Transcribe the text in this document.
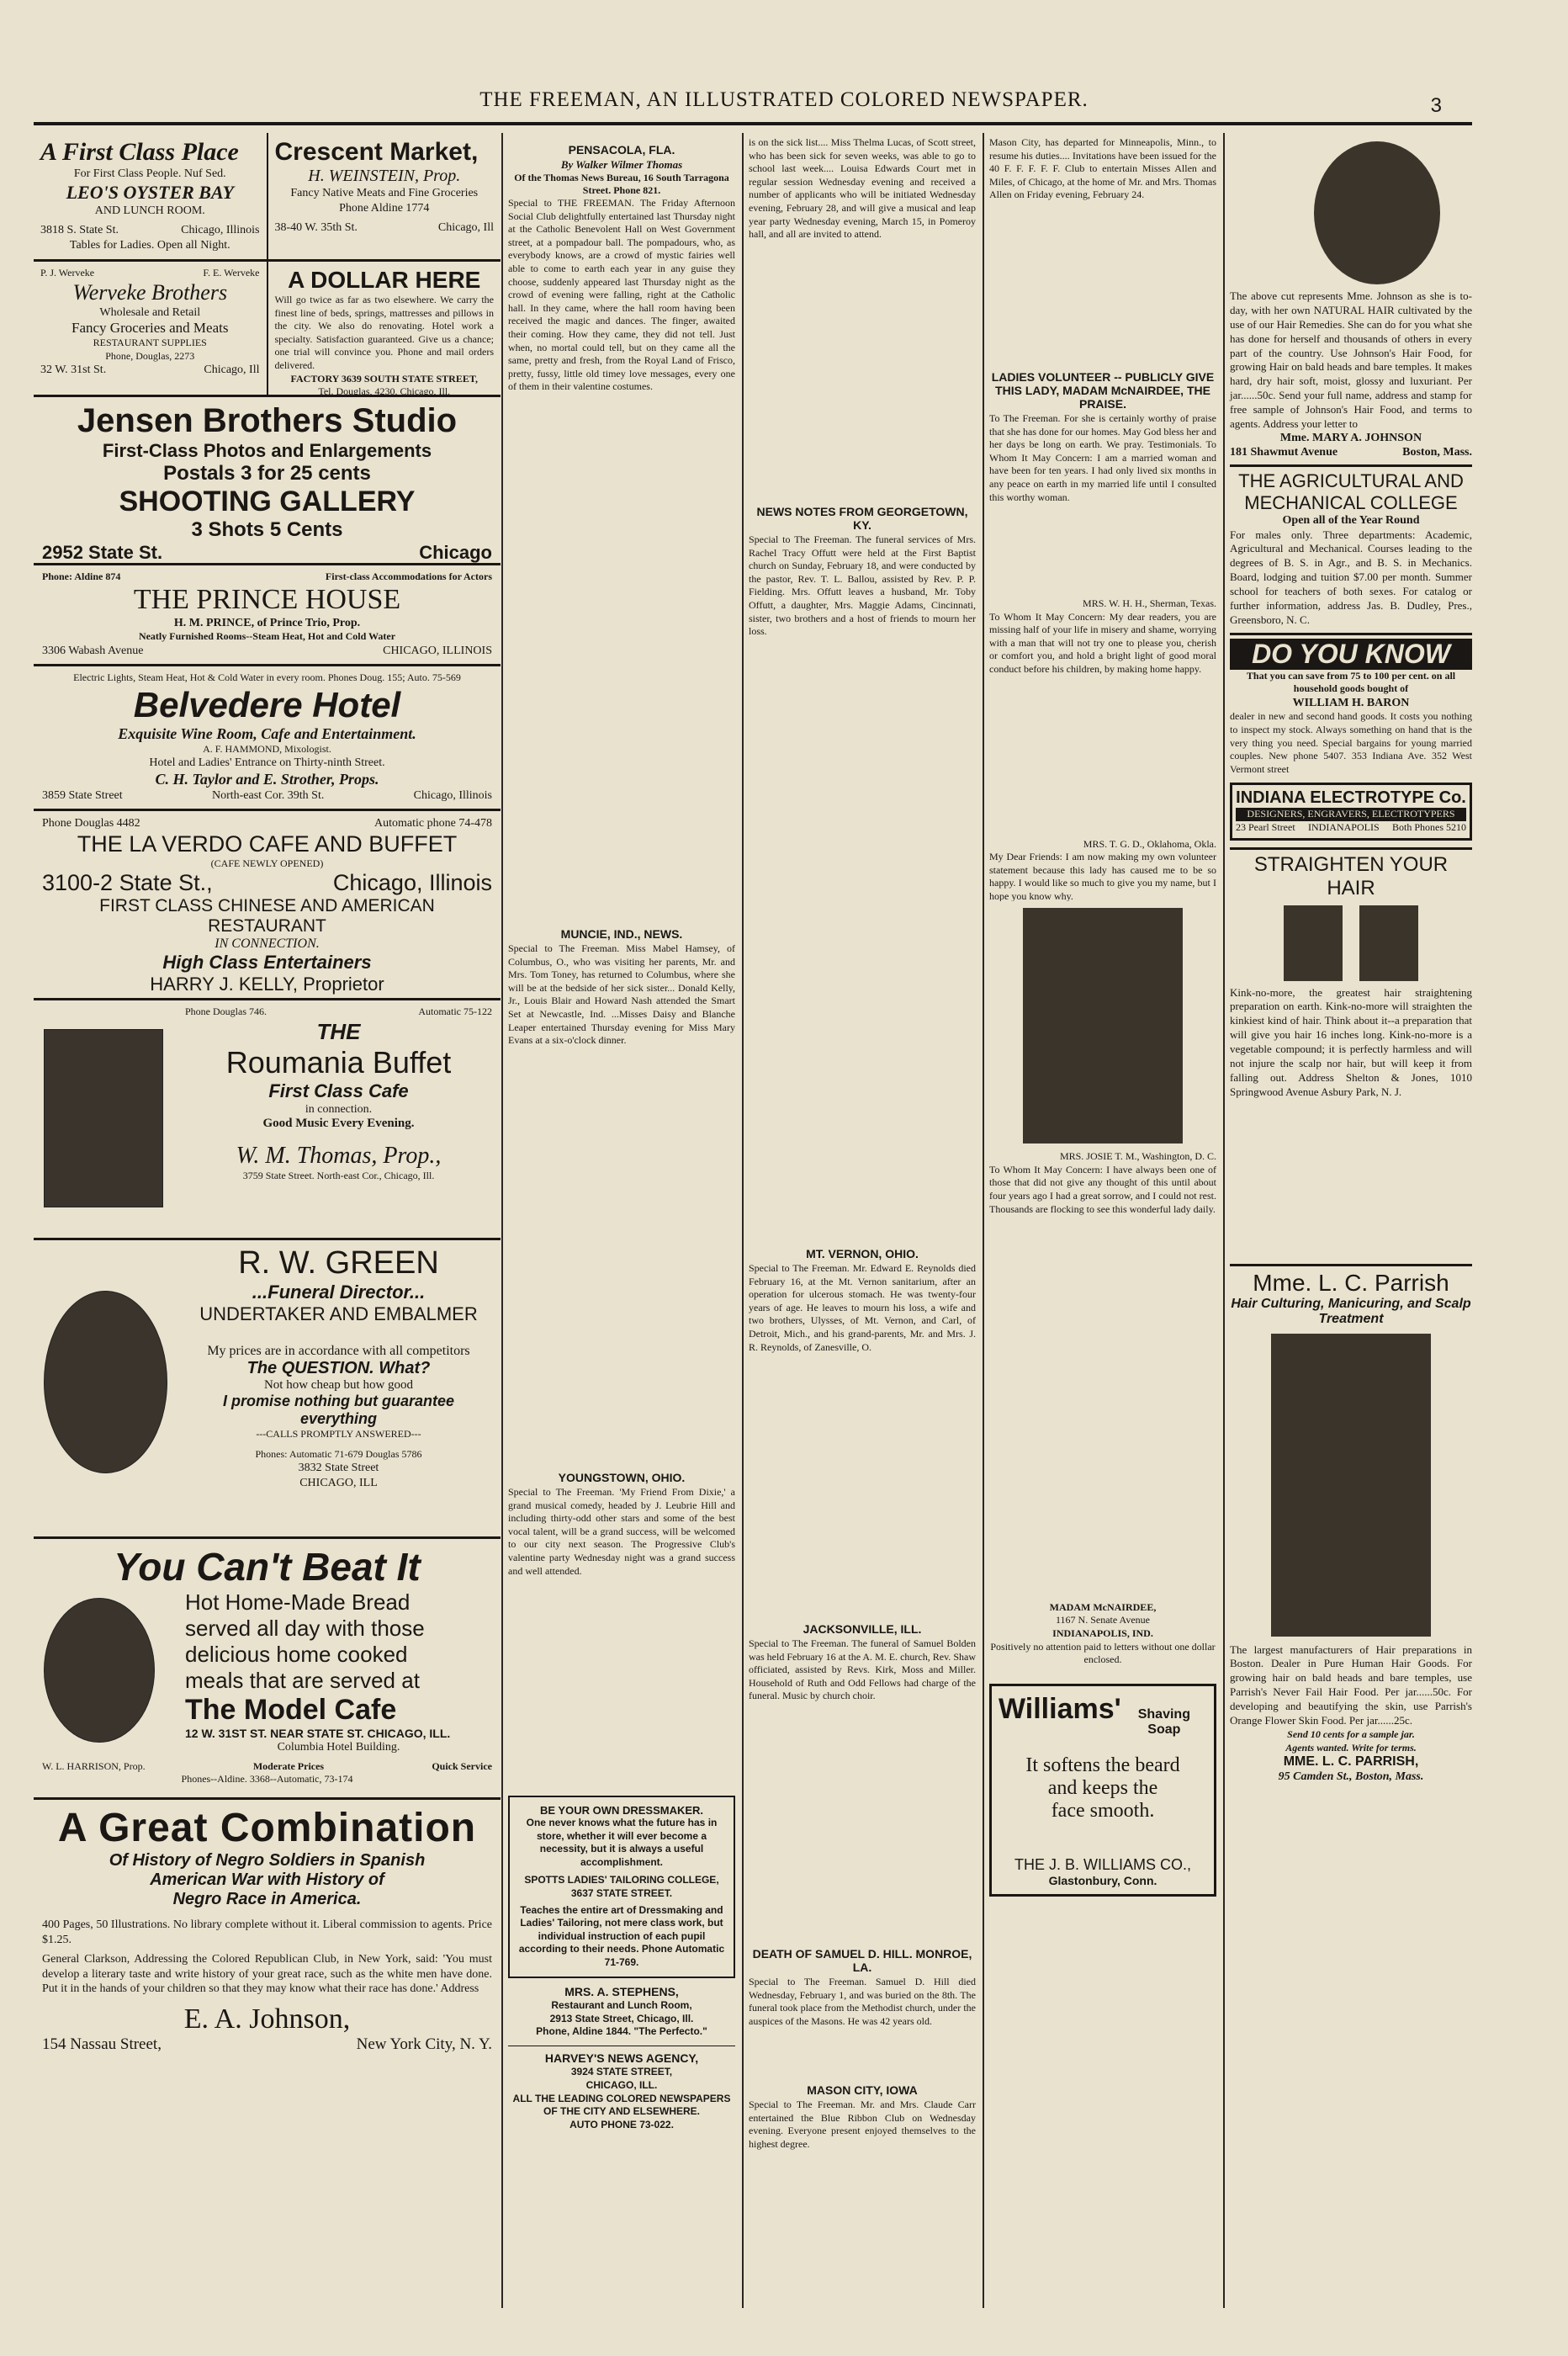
THE FREEMAN, AN ILLUSTRATED COLORED NEWSPAPER.	3
A First Class Place
For First Class People. Nuf Sed.
LEO'S OYSTER BAY
AND LUNCH ROOM.
3818 S. State St.	Chicago, Illinois
Tables for Ladies. Open all Night.
Crescent Market,
H. WEINSTEIN, Prop.
Fancy Native Meats and Fine Groceries
Phone Aldine 1774
38-40 W. 35th St.	Chicago, Ill
P. J. Werveke	F. E. Werveke
Werveke Brothers
Wholesale and Retail
Fancy Groceries and Meats
RESTAURANT SUPPLIES
Phone, Douglas, 2273
32 W. 31st St.	Chicago, Ill
A DOLLAR HERE
Will go twice as far as two elsewhere. We carry the finest line of beds, springs, mattresses and pillows in the city. We also do renovating. Hotel work a specialty. Satisfaction guaranteed. Give us a chance; one trial will convince you. Phone and mail orders delivered.
FACTORY 3639 SOUTH STATE STREET,
Tel. Douglas, 4230. Chicago, Ill.
Jensen Brothers Studio
First-Class Photos and Enlargements
Postals 3 for 25 cents
SHOOTING GALLERY
3 Shots 5 Cents
2952 State St.	Chicago
Phone: Aldine 874	First-class Accommodations for Actors
THE PRINCE HOUSE
H. M. PRINCE, of Prince Trio, Prop.
Neatly Furnished Rooms--Steam Heat, Hot and Cold Water
3306 Wabash Avenue	CHICAGO, ILLINOIS
Electric Lights, Steam Heat, Hot & Cold Water in every room. Phones Doug. 155; Auto. 75-569
Belvedere Hotel
Exquisite Wine Room, Cafe and Entertainment.
A. F. HAMMOND, Mixologist.
Hotel and Ladies' Entrance on Thirty-ninth Street.
C. H. Taylor and E. Strother, Props.
3859 State Street	North-east Cor. 39th St.	Chicago, Illinois
Phone Douglas 4482	Automatic phone 74-478
THE LA VERDO CAFE AND BUFFET
(CAFE NEWLY OPENED)
3100-2 State St.,	Chicago, Illinois
FIRST CLASS CHINESE AND AMERICAN RESTAURANT
IN CONNECTION.
High Class Entertainers
HARRY J. KELLY, Proprietor
Phone Douglas 746.	Automatic 75-122
THE
Roumania Buffet
First Class Cafe
in connection.
Good Music Every Evening.
W. M. Thomas, Prop.,
3759 State Street. North-east Cor., Chicago, Ill.
R. W. GREEN
...Funeral Director...
UNDERTAKER AND EMBALMER
My prices are in accordance with all competitors
The QUESTION. What?
Not how cheap but how good
I promise nothing but guarantee everything
---CALLS PROMPTLY ANSWERED---
Phones: Automatic 71-679 Douglas 5786
3832 State Street
CHICAGO, ILL
You Can't Beat It
Hot Home-Made Bread
served all day with those
delicious home cooked
meals that are served at
The Model Cafe
12 W. 31ST ST. NEAR STATE ST. CHICAGO, ILL.
Columbia Hotel Building.
W. L. HARRISON, Prop.	Moderate Prices	Quick Service
Phones--Aldine. 3368--Automatic, 73-174
A Great Combination
Of History of Negro Soldiers in Spanish
American War with History of
Negro Race in America.
400 Pages, 50 Illustrations. No library complete without it. Liberal commission to agents. Price $1.25.
General Clarkson, Addressing the Colored Republican Club, in New York, said: 'You must develop a literary taste and write history of your great race, such as the white men have done. Put it in the hands of your children so that they may know what their race has done.' Address
E. A. Johnson,
154 Nassau Street,	New York City, N. Y.
PENSACOLA, FLA.
By Walker Wilmer Thomas
Of the Thomas News Bureau, 16 South Tarragona Street. Phone 821.

Special to THE FREEMAN. The Friday Afternoon Social Club delightfully entertained last Thursday night at the Catholic Benevolent Hall on West Government street, at a pompadour ball. The pompadours, who, as everybody knows, are a crowd of mystic fairies well able to come to earth each year in any guise they choose, suddenly appeared last Thursday night as the crowd of evening were falling, right at the Catholic hall. In they came, where the hall room having been received the magic and dances. The finger, awaited their coming. How they came, they did not tell. Just when, no mortal could tell, but on they came all the same, pretty and fresh, from the Royal Land of Frisco, pretty, fussy, little old timey love messages, every one of them in their valentine costumes.

MUNCIE, IND., NEWS.

Special to The Freeman. Miss Mabel Hamsey, of Columbus, O., who was visiting her parents, Mr. and Mrs. Tom Toney, has returned to Columbus, where she will be at the bedside of her sick sister... Donald Kelly, Jr., Louis Blair and Howard Nash attended the Smart Set at Newcastle, Ind. ...Misses Daisy and Blanche Leaper entertained Thursday evening for Miss Mary Evans at a six-o'clock dinner.

YOUNGSTOWN, OHIO.

Special to The Freeman. 'My Friend From Dixie,' a grand musical comedy, headed by J. Leubrie Hill and including thirty-odd other stars and some of the best vocal talent, will be a grand success, will be welcomed to our city next season. The Progressive Club's valentine party Wednesday night was a grand success and well attended.

BE YOUR OWN DRESSMAKER.
One never knows what the future has in store, whether it will ever become a necessity, but it is always a useful accomplishment.
SPOTTS LADIES' TAILORING COLLEGE,
3637 STATE STREET.
Teaches the entire art of Dressmaking and Ladies' Tailoring, not mere class work, but individual instruction of each pupil according to their needs. Phone Automatic 71-769.
MRS. A. STEPHENS,
Restaurant and Lunch Room,
2913 State Street, Chicago, Ill.
Phone, Aldine 1844. "The Perfecto."
HARVEY'S NEWS AGENCY,
3924 STATE STREET,
CHICAGO, ILL.
ALL THE LEADING COLORED NEWSPAPERS OF THE CITY AND ELSEWHERE.
AUTO PHONE 73-022.

is on the sick list.... Miss Thelma Lucas, of Scott street, who has been sick for seven weeks, was able to go to school last week.... Louisa Edwards Court met in regular session Wednesday evening and received a number of applicants who will be initiated Wednesday evening, February 28, and will give a musical and leap year party Wednesday evening, March 15, in Pomeroy hall, and all are invited to attend.

NEWS NOTES FROM GEORGETOWN, KY.

Special to The Freeman. The funeral services of Mrs. Rachel Tracy Offutt were held at the First Baptist church on Sunday, February 18, and were conducted by the pastor, Rev. T. L. Ballou, assisted by Rev. P. P. Fielding. Mrs. Offutt leaves a husband, Mr. Toby Offutt, a daughter, Mrs. Maggie Adams, Cincinnati, sister, two brothers and a host of friends to mourn her loss.

MT. VERNON, OHIO.

Special to The Freeman. Mr. Edward E. Reynolds died February 16, at the Mt. Vernon sanitarium, after an operation for ulcerous stomach. He was twenty-four years of age. He leaves to mourn his loss, a wife and two brothers, Ulysses, of Mt. Vernon, and Carl, of Detroit, Mich., and his grand-parents, Mr. and Mrs. J. R. Reynolds, of Zanesville, O.

JACKSONVILLE, ILL.

Special to The Freeman. The funeral of Samuel Bolden was held February 16 at the A. M. E. church, Rev. Shaw officiated, assisted by Revs. Kirk, Moss and Miller. Household of Ruth and Odd Fellows had charge of the funeral. Music by church choir.

DEATH OF SAMUEL D. HILL. MONROE, LA.

Special to The Freeman. Samuel D. Hill died Wednesday, February 1, and was buried on the 8th. The funeral took place from the Methodist church, under the auspices of the Masons. He was 42 years old.

MASON CITY, IOWA

Special to The Freeman. Mr. and Mrs. Claude Carr entertained the Blue Ribbon Club on Wednesday evening. Everyone present enjoyed themselves to the highest degree.

Mason City, has departed for Minneapolis, Minn., to resume his duties.... Invitations have been issued for the 40 F. F. F. F. F. Club to entertain Misses Allen and Miles, of Chicago, at the home of Mr. and Mrs. Thomas Allen on Friday evening, February 24.

LADIES VOLUNTEER -- PUBLICLY GIVE THIS LADY, MADAM McNAIRDEE, THE PRAISE.

To The Freeman. For she is certainly worthy of praise that she has done for our homes. May God bless her and her days be long on earth. We pray. Testimonials. To Whom It May Concern: I am a married woman and have been for ten years. I had only lived six months in any peace on earth in my married life until I consulted this worthy woman.

MRS. W. H. H., Sherman, Texas.

To Whom It May Concern: My dear readers, you are missing half of your life in misery and shame, worrying with a man that will not try one to please you, cherish or comfort you, and hold a bright light of good moral conduct before his children, by making home happy.

MRS. T. G. D., Oklahoma, Okla.

My Dear Friends: I am now making my own volunteer statement because this lady has caused me to be so happy. I would like so much to give you my name, but I hope you know why.

MRS. JOSIE T. M., Washington, D. C.

To Whom It May Concern: I have always been one of those that did not give any thought of this until about four years ago I had a great sorrow, and I could not rest. Thousands are flocking to see this wonderful lady daily.

MADAM McNAIRDEE,
1167 N. Senate Avenue
INDIANAPOLIS, IND.
Positively no attention paid to letters without one dollar enclosed.
Williams'	Shaving Soap
It softens the beard
and keeps the
face smooth.
THE J. B. WILLIAMS CO.,
Glastonbury, Conn.

The above cut represents Mme. Johnson as she is to-day, with her own NATURAL HAIR cultivated by the use of our Hair Remedies. She can do for you what she has done for herself and thousands of others in every part of the country. Use Johnson's Hair Food, for growing Hair on bald heads and bare temples. It makes hard, dry hair soft, moist, glossy and luxuriant. Per jar......50c. Send your full name, address and stamp for free sample of Johnson's Hair Food, and terms to agents. Address your letter to

Mme. MARY A. JOHNSON
181 Shawmut Avenue	Boston, Mass.
THE AGRICULTURAL AND MECHANICAL COLLEGE
Open all of the Year Round

For males only. Three departments: Academic, Agricultural and Mechanical. Courses leading to the degrees of B. S. in Agr., and B. S. in Mechanics. Board, lodging and tuition $7.00 per month. Summer school for teachers of both sexes. For catalog or further information, address Jas. B. Dudley, Pres., Greensboro, N. C.

DO YOU KNOW
That you can save from 75 to 100 per cent. on all household goods bought of
WILLIAM H. BARON

dealer in new and second hand goods. It costs you nothing to inspect my stock. Always something on hand that is the very thing you need. Special bargains for young married couples. New phone 5407. 353 Indiana Ave. 352 West Vermont street

INDIANA ELECTROTYPE Co.
DESIGNERS, ENGRAVERS, ELECTROTYPERS
23 Pearl Street INDIANAPOLIS Both Phones 5210
STRAIGHTEN YOUR HAIR

Kink-no-more, the greatest hair straightening preparation on earth. Kink-no-more will straighten the kinkiest kind of hair. Think about it--a preparation that will give you hair 16 inches long. Kink-no-more is a vegetable compound; it is perfectly harmless and will not injure the scalp nor hair, but will keep it from falling out. Address Shelton & Jones, 1010 Springwood Avenue Asbury Park, N. J.

Mme. L. C. Parrish
Hair Culturing, Manicuring, and Scalp Treatment

The largest manufacturers of Hair preparations in Boston. Dealer in Pure Human Hair Goods. For growing hair on bald heads and bare temples, use Parrish's Never Fail Hair Food. Per jar......50c. For developing and beautifying the skin, use Parrish's Orange Flower Skin Food. Per jar......25c.

Send 10 cents for a sample jar.
Agents wanted. Write for terms.
MME. L. C. PARRISH,
95 Camden St., Boston, Mass.
